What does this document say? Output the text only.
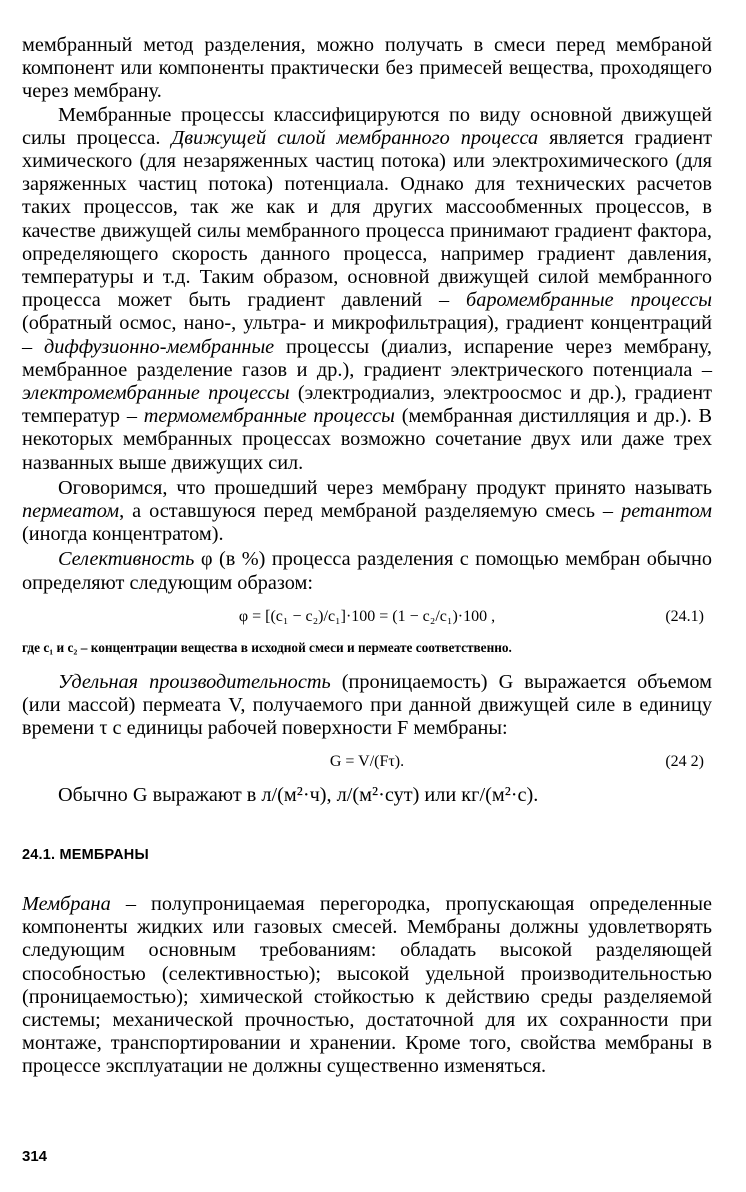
мембранный метод разделения, можно получать в смеси перед мембраной компонент или компоненты практически без примесей вещества, проходящего через мембрану.

Мембранные процессы классифицируются по виду основной движущей силы процесса. Движущей силой мембранного процесса является градиент химического (для незаряженных частиц потока) или электрохимического (для заряженных частиц потока) потенциала. Однако для технических расчетов таких процессов, так же как и для других массообменных процессов, в качестве движущей силы мембранного процесса принимают градиент фактора, определяющего скорость данного процесса, например градиент давления, температуры и т.д. Таким образом, основной движущей силой мембранного процесса может быть градиент давлений – баромембранные процессы (обратный осмос, нано-, ультра- и микрофильтрация), градиент концентраций – диффузионно-мембранные процессы (диализ, испарение через мембрану, мембранное разделение газов и др.), градиент электрического потенциала – электромембранные процессы (электродиализ, электроосмос и др.), градиент температур – термомембранные процессы (мембранная дистилляция и др.). В некоторых мембранных процессах возможно сочетание двух или даже трех названных выше движущих сил.

Оговоримся, что прошедший через мембрану продукт принято называть пермеатом, а оставшуюся перед мембраной разделяемую смесь – ретантом (иногда концентратом).

Селективность φ (в %) процесса разделения с помощью мембран обычно определяют следующим образом:

φ = [(c₁ − c₂)/c₁]·100 = (1 − c₂/c₁)·100 ,	(24.1)

где c₁ и c₂ – концентрации вещества в исходной смеси и пермеате соответственно.

Удельная производительность (проницаемость) G выражается объемом (или массой) пермеата V, получаемого при данной движущей силе в единицу времени τ с единицы рабочей поверхности F мембраны:

G = V/(Fτ).	(24 2)

Обычно G выражают в л/(м²·ч), л/(м²·сут) или кг/(м²·с).

24.1. МЕМБРАНЫ

Мембрана – полупроницаемая перегородка, пропускающая определенные компоненты жидких или газовых смесей. Мембраны должны удовлетворять следующим основным требованиям: обладать высокой разделяющей способностью (селективностью); высокой удельной производительностью (проницаемостью); химической стойкостью к действию среды разделяемой системы; механической прочностью, достаточной для их сохранности при монтаже, транспортировании и хранении. Кроме того, свойства мембраны в процессе эксплуатации не должны существенно изменяться.

314
